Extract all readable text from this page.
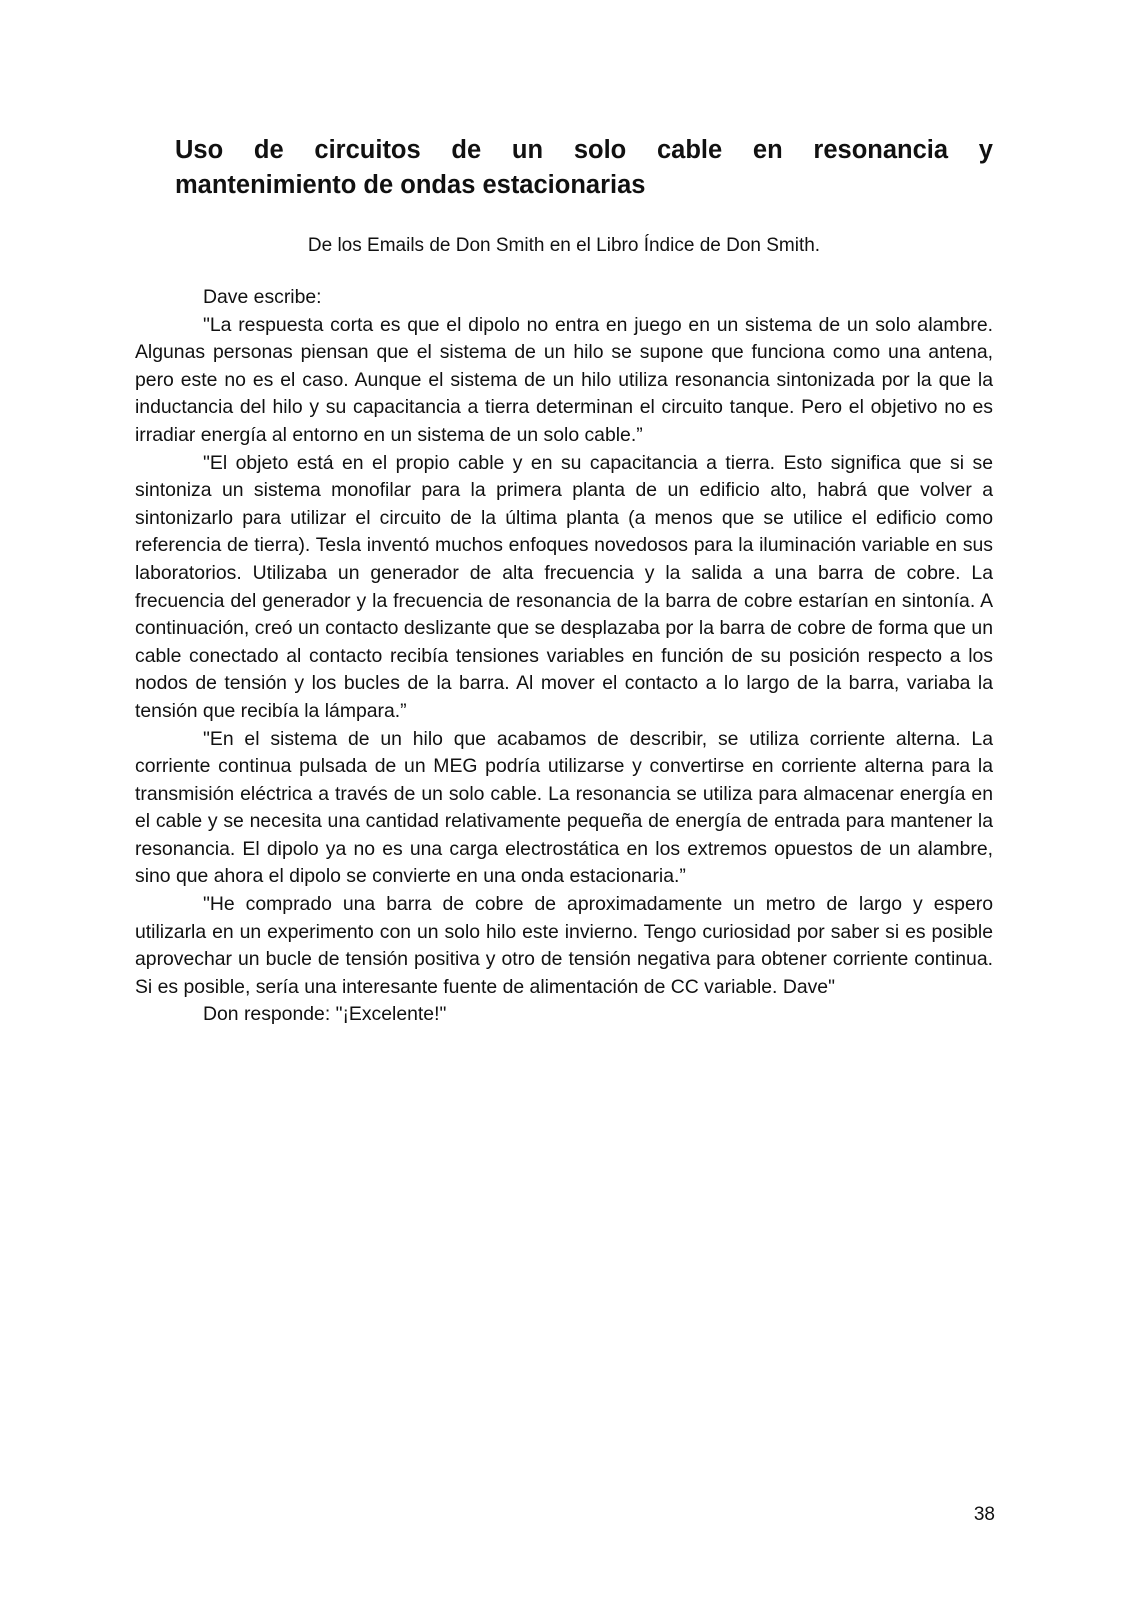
Uso de circuitos de un solo cable en resonancia y
mantenimiento de ondas estacionarias

De los Emails de Don Smith en el Libro Índice de Don Smith.

Dave escribe:

"La respuesta corta es que el dipolo no entra en juego en un sistema de un solo alambre. Algunas personas piensan que el sistema de un hilo se supone que funciona como una antena, pero este no es el caso. Aunque el sistema de un hilo utiliza resonancia sintonizada por la que la inductancia del hilo y su capacitancia a tierra determinan el circuito tanque. Pero el objetivo no es irradiar energía al entorno en un sistema de un solo cable.”

"El objeto está en el propio cable y en su capacitancia a tierra. Esto significa que si se sintoniza un sistema monofilar para la primera planta de un edificio alto, habrá que volver a sintonizarlo para utilizar el circuito de la última planta (a menos que se utilice el edificio como referencia de tierra). Tesla inventó muchos enfoques novedosos para la iluminación variable en sus laboratorios. Utilizaba un generador de alta frecuencia y la salida a una barra de cobre. La frecuencia del generador y la frecuencia de resonancia de la barra de cobre estarían en sintonía. A continuación, creó un contacto deslizante que se desplazaba por la barra de cobre de forma que un cable conectado al contacto recibía tensiones variables en función de su posición respecto a los nodos de tensión y los bucles de la barra. Al mover el contacto a lo largo de la barra, variaba la tensión que recibía la lámpara.”

"En el sistema de un hilo que acabamos de describir, se utiliza corriente alterna. La corriente continua pulsada de un MEG podría utilizarse y convertirse en corriente alterna para la transmisión eléctrica a través de un solo cable. La resonancia se utiliza para almacenar energía en el cable y se necesita una cantidad relativamente pequeña de energía de entrada para mantener la resonancia. El dipolo ya no es una carga electrostática en los extremos opuestos de un alambre, sino que ahora el dipolo se convierte en una onda estacionaria.”

"He comprado una barra de cobre de aproximadamente un metro de largo y espero utilizarla en un experimento con un solo hilo este invierno. Tengo curiosidad por saber si es posible aprovechar un bucle de tensión positiva y otro de tensión negativa para obtener corriente continua. Si es posible, sería una interesante fuente de alimentación de CC variable. Dave"

Don responde: "¡Excelente!"

38
